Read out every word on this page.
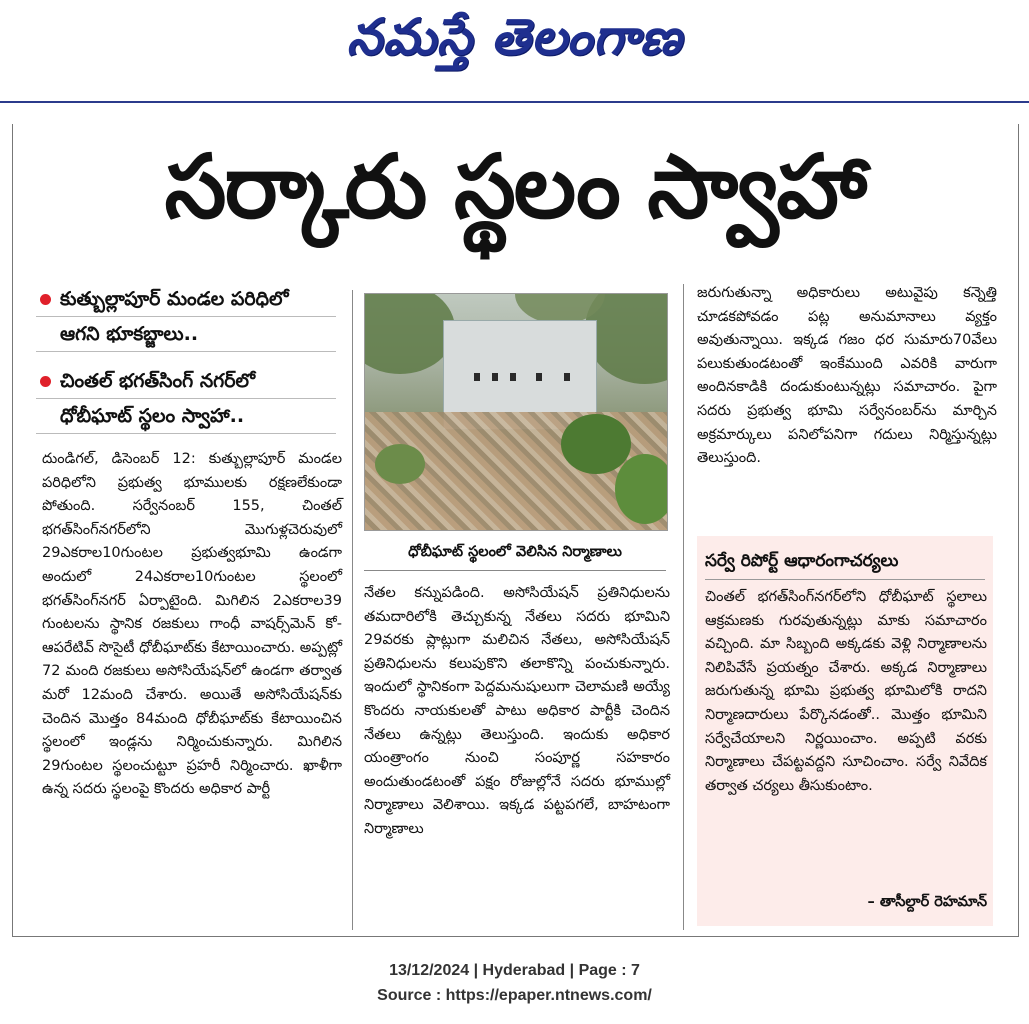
నమస్తే తెలంగాణ
సర్కారు స్థలం స్వాహా
కుత్బుల్లాపూర్ మండల పరిధిలో
ఆగని భూకబ్జాలు..
చింతల్ భగత్‌సింగ్ నగర్‌లో
ధోబీఘాట్ స్థలం స్వాహా..

దుండిగల్, డిసెంబర్ 12: కుత్బుల్లాపూర్ మండల పరిధిలోని ప్రభుత్వ భూములకు రక్షణలేకుండా పోతుంది. సర్వేనంబర్ 155, చింతల్ భగత్‌సింగ్‌నగర్‌లోని మొగుళ్లచెరువులో 29ఎకరాల10గుంటల ప్రభుత్వభూమి ఉండగా అందులో 24ఎకరాల10గుంటల స్థలంలో భగత్‌సింగ్‌నగర్ ఏర్పాటైంది. మిగిలిన 2ఎకరాల39 గుంటలను స్థానిక రజకులు గాంధీ వాషర్స్‌మెన్ కో-ఆపరేటివ్ సొసైటీ ధోబీఘాట్‌కు కేటాయించారు. అప్పట్లో 72 మంది రజకులు అసోసియేషన్‌లో ఉండగా తర్వాత మరో 12మంది చేశారు. అయితే అసోసియేషన్‌కు చెందిన మొత్తం 84మంది ధోబీఘాట్‌కు కేటాయించిన స్థలంలో ఇండ్లను నిర్మించుకున్నారు. మిగిలిన 29గుంటల స్థలంచుట్టూ ప్రహరీ నిర్మించారు. ఖాళీగా ఉన్న సదరు స్థలంపై కొందరు అధికార పార్టీ

ధోబీఘాట్ స్థలంలో వెలిసిన నిర్మాణాలు

నేతల కన్నుపడింది. అసోసియేషన్ ప్రతినిధులను తమదారిలోకి తెచ్చుకున్న నేతలు సదరు భూమిని 29వరకు ప్లాట్లుగా మలిచిన నేతలు, అసోసియేషన్ ప్రతినిధులను కలుపుకొని తలాకొన్ని పంచుకున్నారు. ఇందులో స్థానికంగా పెద్దమనుషులుగా చెలామణి అయ్యే కొందరు నాయకులతో పాటు అధికార పార్టీకి చెందిన నేతలు ఉన్నట్లు తెలుస్తుంది. ఇందుకు అధికార యంత్రాంగం నుంచి సంపూర్ణ సహకారం అందుతుండటంతో పక్షం రోజుల్లోనే సదరు భూముల్లో నిర్మాణాలు వెలిశాయి. ఇక్కడ పట్టపగలే, బాహటంగా నిర్మాణాలు

జరుగుతున్నా అధికారులు అటువైపు కన్నెత్తి చూడకపోవడం పట్ల అనుమానాలు వ్యక్తం అవుతున్నాయి. ఇక్కడ గజం ధర సుమారు70వేలు పలుకుతుండటంతో ఇంకేముంది ఎవరికి వారుగా అందినకాడికి దండుకుంటున్నట్లు సమాచారం. పైగా సదరు ప్రభుత్వ భూమి సర్వేనంబర్‌ను మార్చిన అక్రమార్కులు పనిలోపనిగా గదులు నిర్మిస్తున్నట్లు తెలుస్తుంది.

సర్వే రిపోర్ట్ ఆధారంగాచర్యలు

చింతల్ భగత్‌సింగ్‌నగర్‌లోని ధోబీఘాట్ స్థలాలు ఆక్రమణకు గురవుతున్నట్లు మాకు సమాచారం వచ్చింది. మా సిబ్బంది అక్కడకు వెళ్లి నిర్మాణాలను నిలిపివేసే ప్రయత్నం చేశారు. అక్కడ నిర్మాణాలు జరుగుతున్న భూమి ప్రభుత్వ భూమిలోకి రాదని నిర్మాణదారులు పేర్కొనడంతో.. మొత్తం భూమిని సర్వేచేయాలని నిర్ణయించాం. అప్పటి వరకు నిర్మాణాలు చేపట్టవద్దని సూచించాం. సర్వే నివేదిక తర్వాత చర్యలు తీసుకుంటాం.

– తాసీల్దార్ రెహమాన్
13/12/2024 | Hyderabad | Page : 7
Source : https://epaper.ntnews.com/
